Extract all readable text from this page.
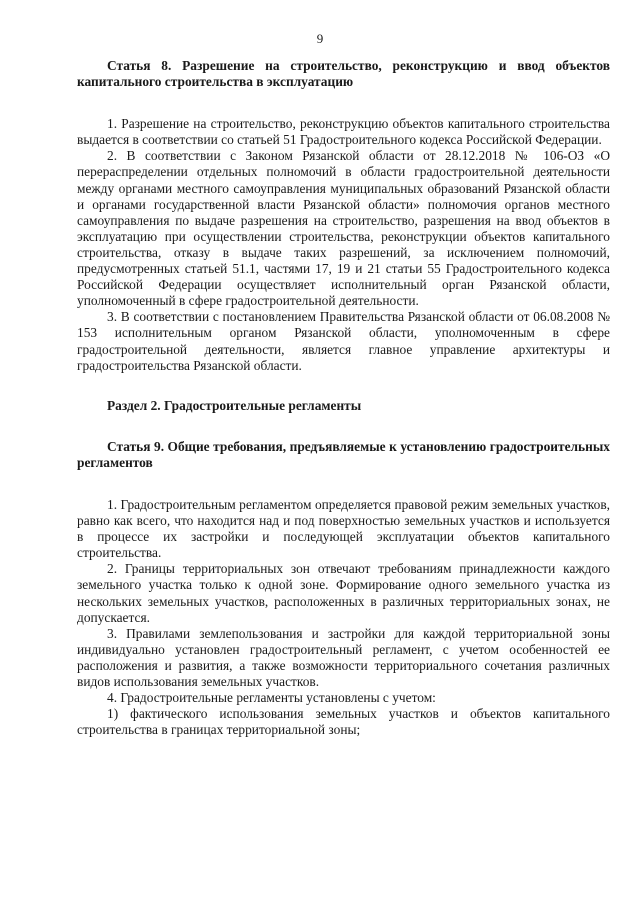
9
Статья 8. Разрешение на строительство, реконструкцию и ввод объектов капитального строительства в эксплуатацию

1. Разрешение на строительство, реконструкцию объектов капитального строительства выдается в соответствии со статьей 51 Градостроительного кодекса Российской Федерации.

2. В соответствии с Законом Рязанской области от 28.12.2018 № 106-ОЗ «О перераспределении отдельных полномочий в области градостроительной деятельности между органами местного самоуправления муниципальных образований Рязанской области и органами государственной власти Рязанской области» полномочия органов местного самоуправления по выдаче разрешения на строительство, разрешения на ввод объектов в эксплуатацию при осуществлении строительства, реконструкции объектов капитального строительства, отказу в выдаче таких разрешений, за исключением полномочий, предусмотренных статьей 51.1, частями 17, 19 и 21 статьи 55 Градостроительного кодекса Российской Федерации осуществляет исполнительный орган Рязанской области, уполномоченный в сфере градостроительной деятельности.

3. В соответствии с постановлением Правительства Рязанской области от 06.08.2008 № 153 исполнительным органом Рязанской области, уполномоченным в сфере градостроительной деятельности, является главное управление архитектуры и градостроительства Рязанской области.

Раздел 2. Градостроительные регламенты
Статья 9. Общие требования, предъявляемые к установлению градостроительных регламентов

1. Градостроительным регламентом определяется правовой режим земельных участков, равно как всего, что находится над и под поверхностью земельных участков и используется в процессе их застройки и последующей эксплуатации объектов капитального строительства.

2. Границы территориальных зон отвечают требованиям принадлежности каждого земельного участка только к одной зоне. Формирование одного земельного участка из нескольких земельных участков, расположенных в различных территориальных зонах, не допускается.

3. Правилами землепользования и застройки для каждой территориальной зоны индивидуально установлен градостроительный регламент, с учетом особенностей ее расположения и развития, а также возможности территориального сочетания различных видов использования земельных участков.

4. Градостроительные регламенты установлены с учетом:

1) фактического использования земельных участков и объектов капитального строительства в границах территориальной зоны;
